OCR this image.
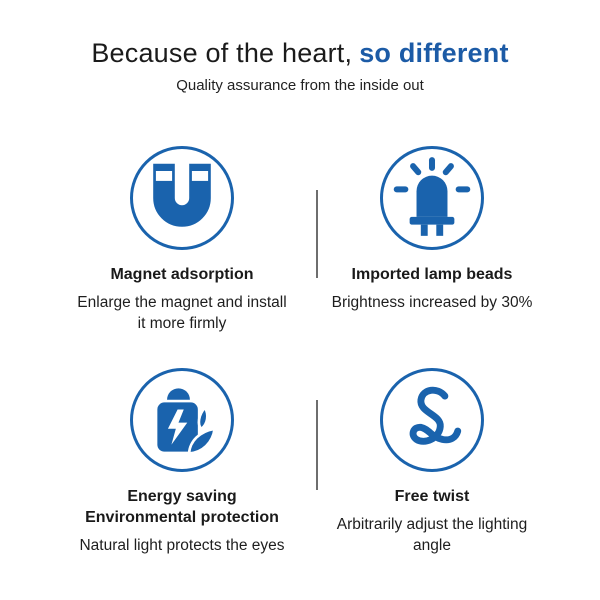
Because of the heart, so different

Quality assurance from the inside out

Magnet adsorption

Enlarge the magnet and install
it more firmly

Imported lamp beads

Brightness increased by 30%

Energy saving
Environmental protection

Natural light protects the eyes

Free twist

Arbitrarily adjust the lighting
angle
